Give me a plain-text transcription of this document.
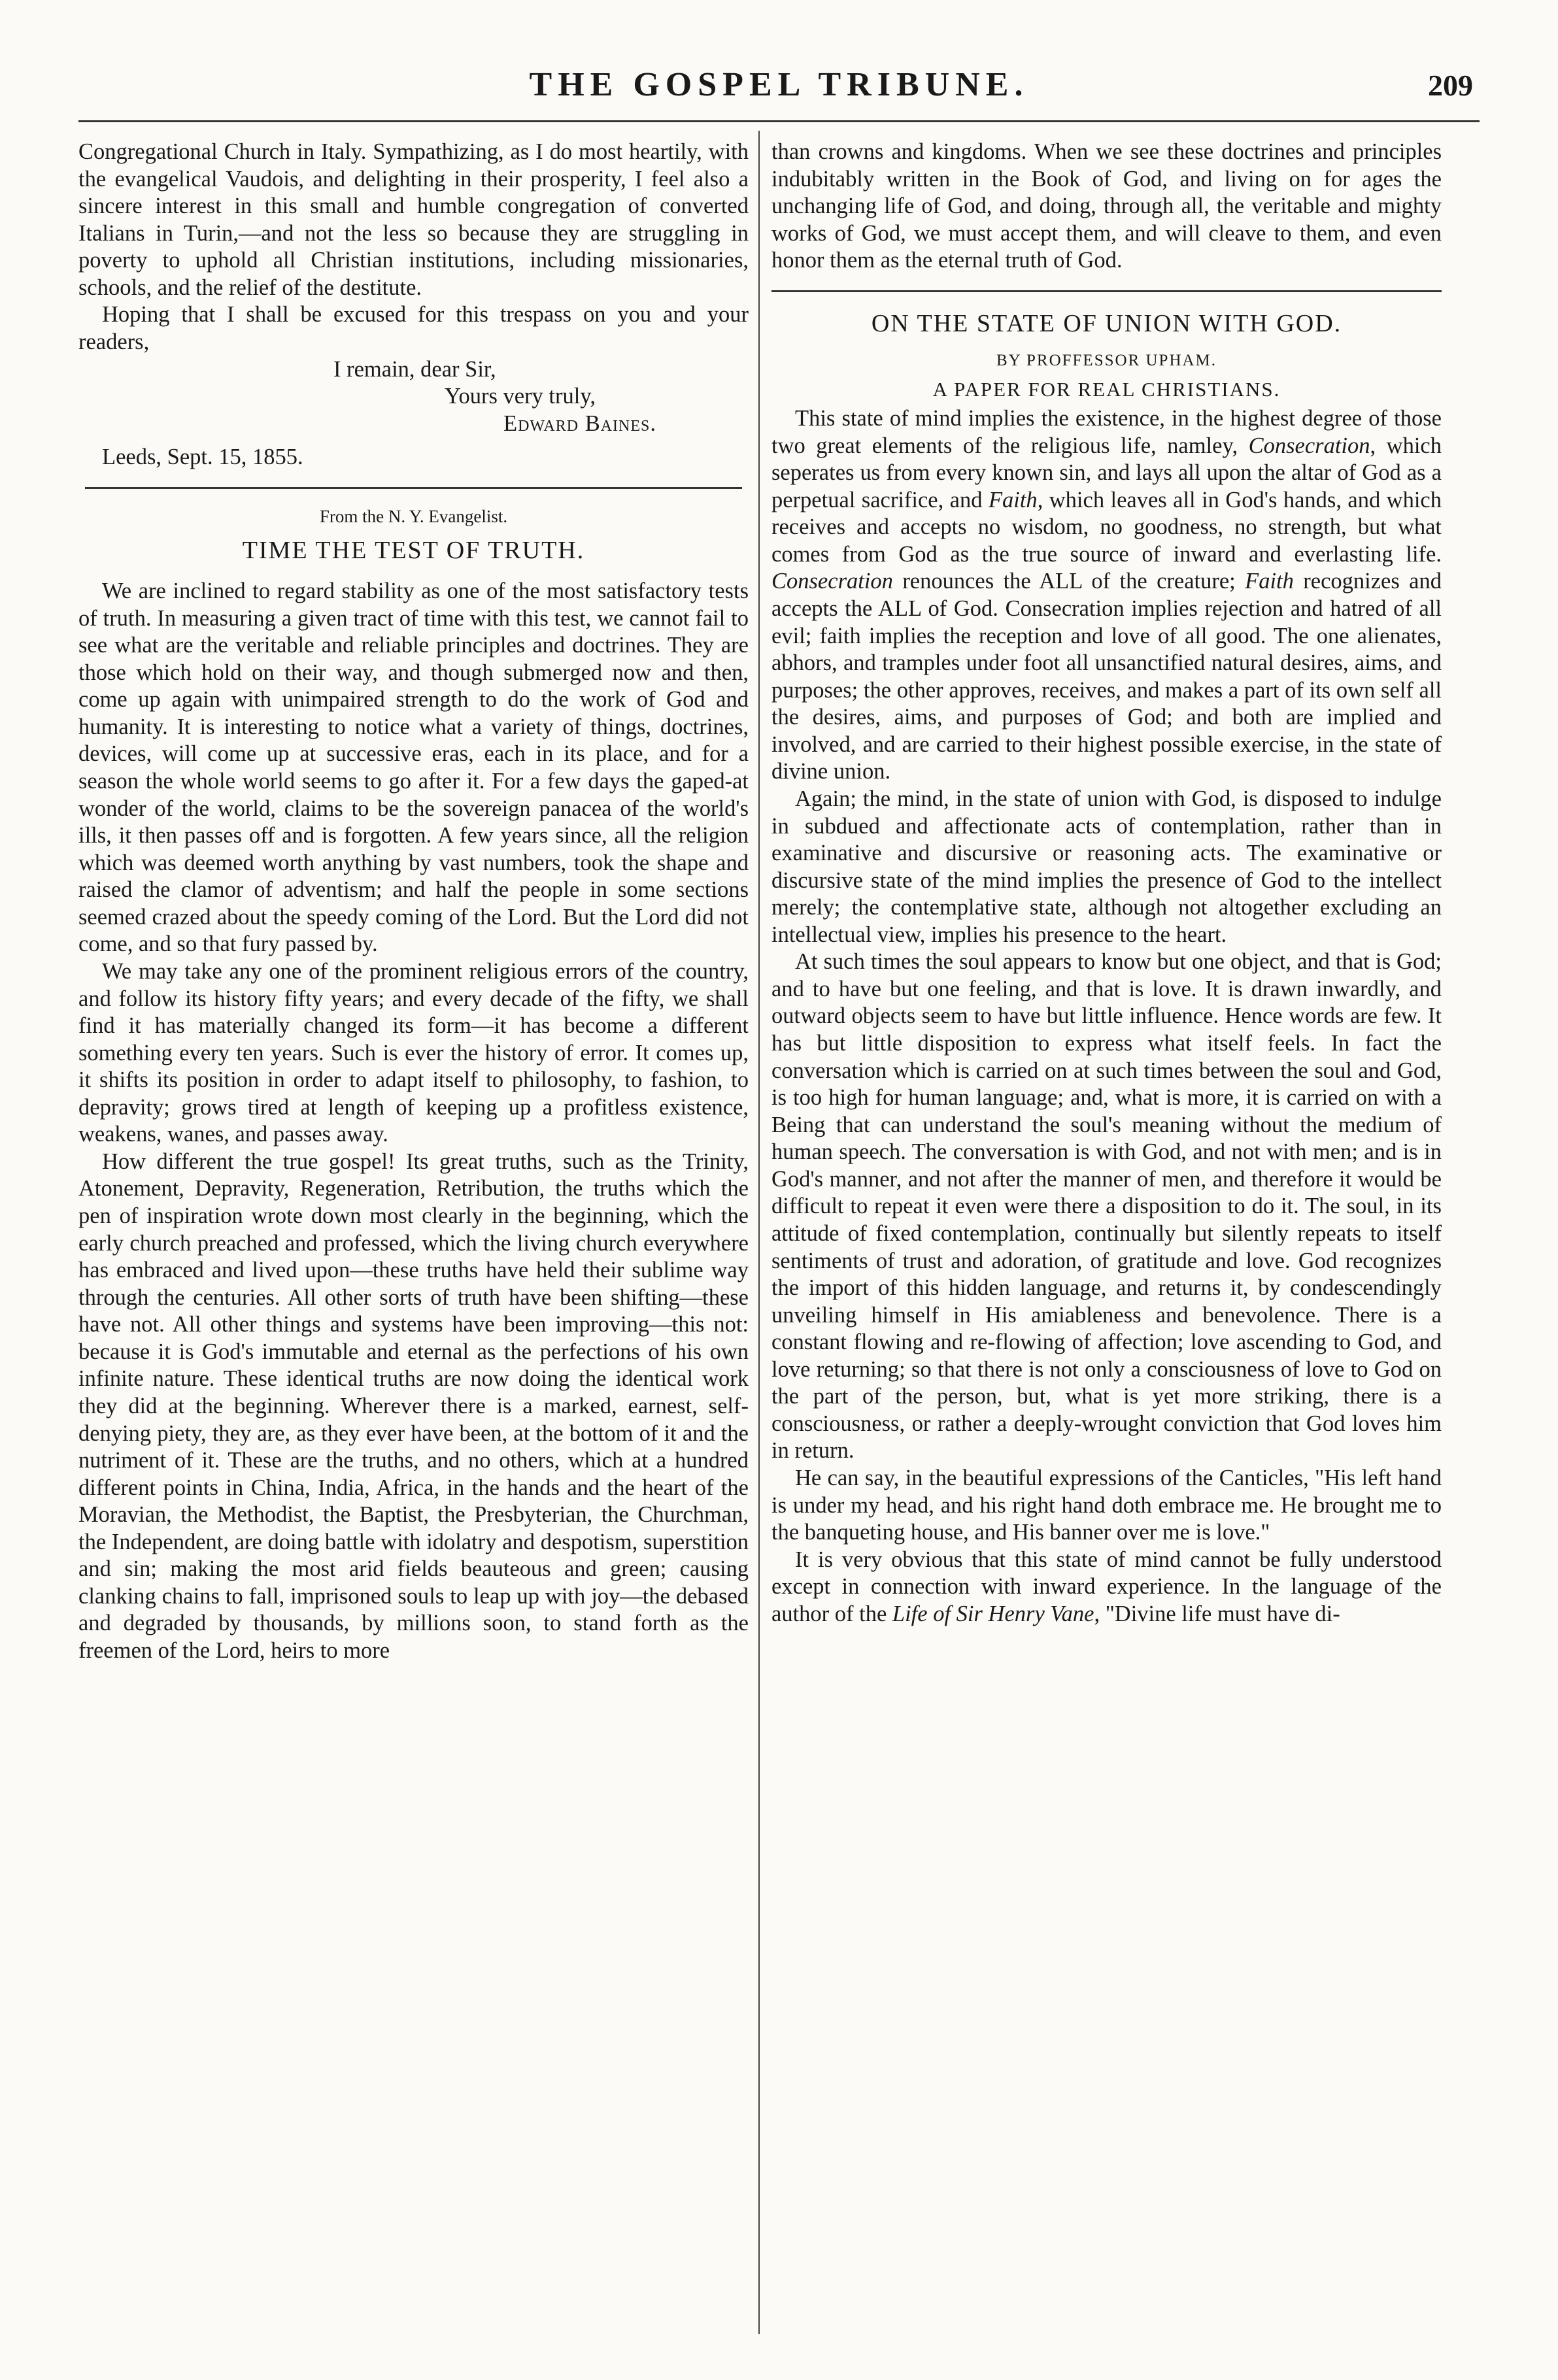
THE GOSPEL TRIBUNE.	209

Congregational Church in Italy. Sympathizing, as I do most heartily, with the evangelical Vaudois, and delighting in their prosperity, I feel also a sincere interest in this small and humble congregation of converted Italians in Turin,—and not the less so because they are struggling in poverty to uphold all Christian institutions, including missionaries, schools, and the relief of the destitute.

Hoping that I shall be excused for this trespass on you and your readers,

I remain, dear Sir,

Yours very truly,

Edward Baines.

Leeds, Sept. 15, 1855.

From the N. Y. Evangelist.

TIME THE TEST OF TRUTH.

We are inclined to regard stability as one of the most satisfactory tests of truth. In measuring a given tract of time with this test, we cannot fail to see what are the veritable and reliable principles and doctrines. They are those which hold on their way, and though submerged now and then, come up again with unimpaired strength to do the work of God and humanity. It is interesting to notice what a variety of things, doctrines, devices, will come up at successive eras, each in its place, and for a season the whole world seems to go after it. For a few days the gaped-at wonder of the world, claims to be the sovereign panacea of the world's ills, it then passes off and is forgotten. A few years since, all the religion which was deemed worth anything by vast numbers, took the shape and raised the clamor of adventism; and half the people in some sections seemed crazed about the speedy coming of the Lord. But the Lord did not come, and so that fury passed by.

We may take any one of the prominent religious errors of the country, and follow its history fifty years; and every decade of the fifty, we shall find it has materially changed its form—it has become a different something every ten years. Such is ever the history of error. It comes up, it shifts its position in order to adapt itself to philosophy, to fashion, to depravity; grows tired at length of keeping up a profitless existence, weakens, wanes, and passes away.

How different the true gospel! Its great truths, such as the Trinity, Atonement, Depravity, Regeneration, Retribution, the truths which the pen of inspiration wrote down most clearly in the beginning, which the early church preached and professed, which the living church everywhere has embraced and lived upon—these truths have held their sublime way through the centuries. All other sorts of truth have been shifting—these have not. All other things and systems have been improving—this not: because it is God's immutable and eternal as the perfections of his own infinite nature. These identical truths are now doing the identical work they did at the beginning. Wherever there is a marked, earnest, self-denying piety, they are, as they ever have been, at the bottom of it and the nutriment of it. These are the truths, and no others, which at a hundred different points in China, India, Africa, in the hands and the heart of the Moravian, the Methodist, the Baptist, the Presbyterian, the Churchman, the Independent, are doing battle with idolatry and despotism, superstition and sin; making the most arid fields beauteous and green; causing clanking chains to fall, imprisoned souls to leap up with joy—the debased and degraded by thousands, by millions soon, to stand forth as the freemen of the Lord, heirs to more

than crowns and kingdoms. When we see these doctrines and principles indubitably written in the Book of God, and living on for ages the unchanging life of God, and doing, through all, the veritable and mighty works of God, we must accept them, and will cleave to them, and even honor them as the eternal truth of God.

ON THE STATE OF UNION WITH GOD.

BY PROFFESSOR UPHAM.

A PAPER FOR REAL CHRISTIANS.

This state of mind implies the existence, in the highest degree of those two great elements of the religious life, namley, Consecration, which seperates us from every known sin, and lays all upon the altar of God as a perpetual sacrifice, and Faith, which leaves all in God's hands, and which receives and accepts no wisdom, no goodness, no strength, but what comes from God as the true source of inward and everlasting life. Consecration renounces the ALL of the creature; Faith recognizes and accepts the ALL of God. Consecration implies rejection and hatred of all evil; faith implies the reception and love of all good. The one alienates, abhors, and tramples under foot all unsanctified natural desires, aims, and purposes; the other approves, receives, and makes a part of its own self all the desires, aims, and purposes of God; and both are implied and involved, and are carried to their highest possible exercise, in the state of divine union.

Again; the mind, in the state of union with God, is disposed to indulge in subdued and affectionate acts of contemplation, rather than in examinative and discursive or reasoning acts. The examinative or discursive state of the mind implies the presence of God to the intellect merely; the contemplative state, although not altogether excluding an intellectual view, implies his presence to the heart.

At such times the soul appears to know but one object, and that is God; and to have but one feeling, and that is love. It is drawn inwardly, and outward objects seem to have but little influence. Hence words are few. It has but little disposition to express what itself feels. In fact the conversation which is carried on at such times between the soul and God, is too high for human language; and, what is more, it is carried on with a Being that can understand the soul's meaning without the medium of human speech. The conversation is with God, and not with men; and is in God's manner, and not after the manner of men, and therefore it would be difficult to repeat it even were there a disposition to do it. The soul, in its attitude of fixed contemplation, continually but silently repeats to itself sentiments of trust and adoration, of gratitude and love. God recognizes the import of this hidden language, and returns it, by condescendingly unveiling himself in His amiableness and benevolence. There is a constant flowing and re-flowing of affection; love ascending to God, and love returning; so that there is not only a consciousness of love to God on the part of the person, but, what is yet more striking, there is a consciousness, or rather a deeply-wrought conviction that God loves him in return.

He can say, in the beautiful expressions of the Canticles, "His left hand is under my head, and his right hand doth embrace me. He brought me to the banqueting house, and His banner over me is love."

It is very obvious that this state of mind cannot be fully understood except in connection with inward experience. In the language of the author of the Life of Sir Henry Vane, "Divine life must have di-
